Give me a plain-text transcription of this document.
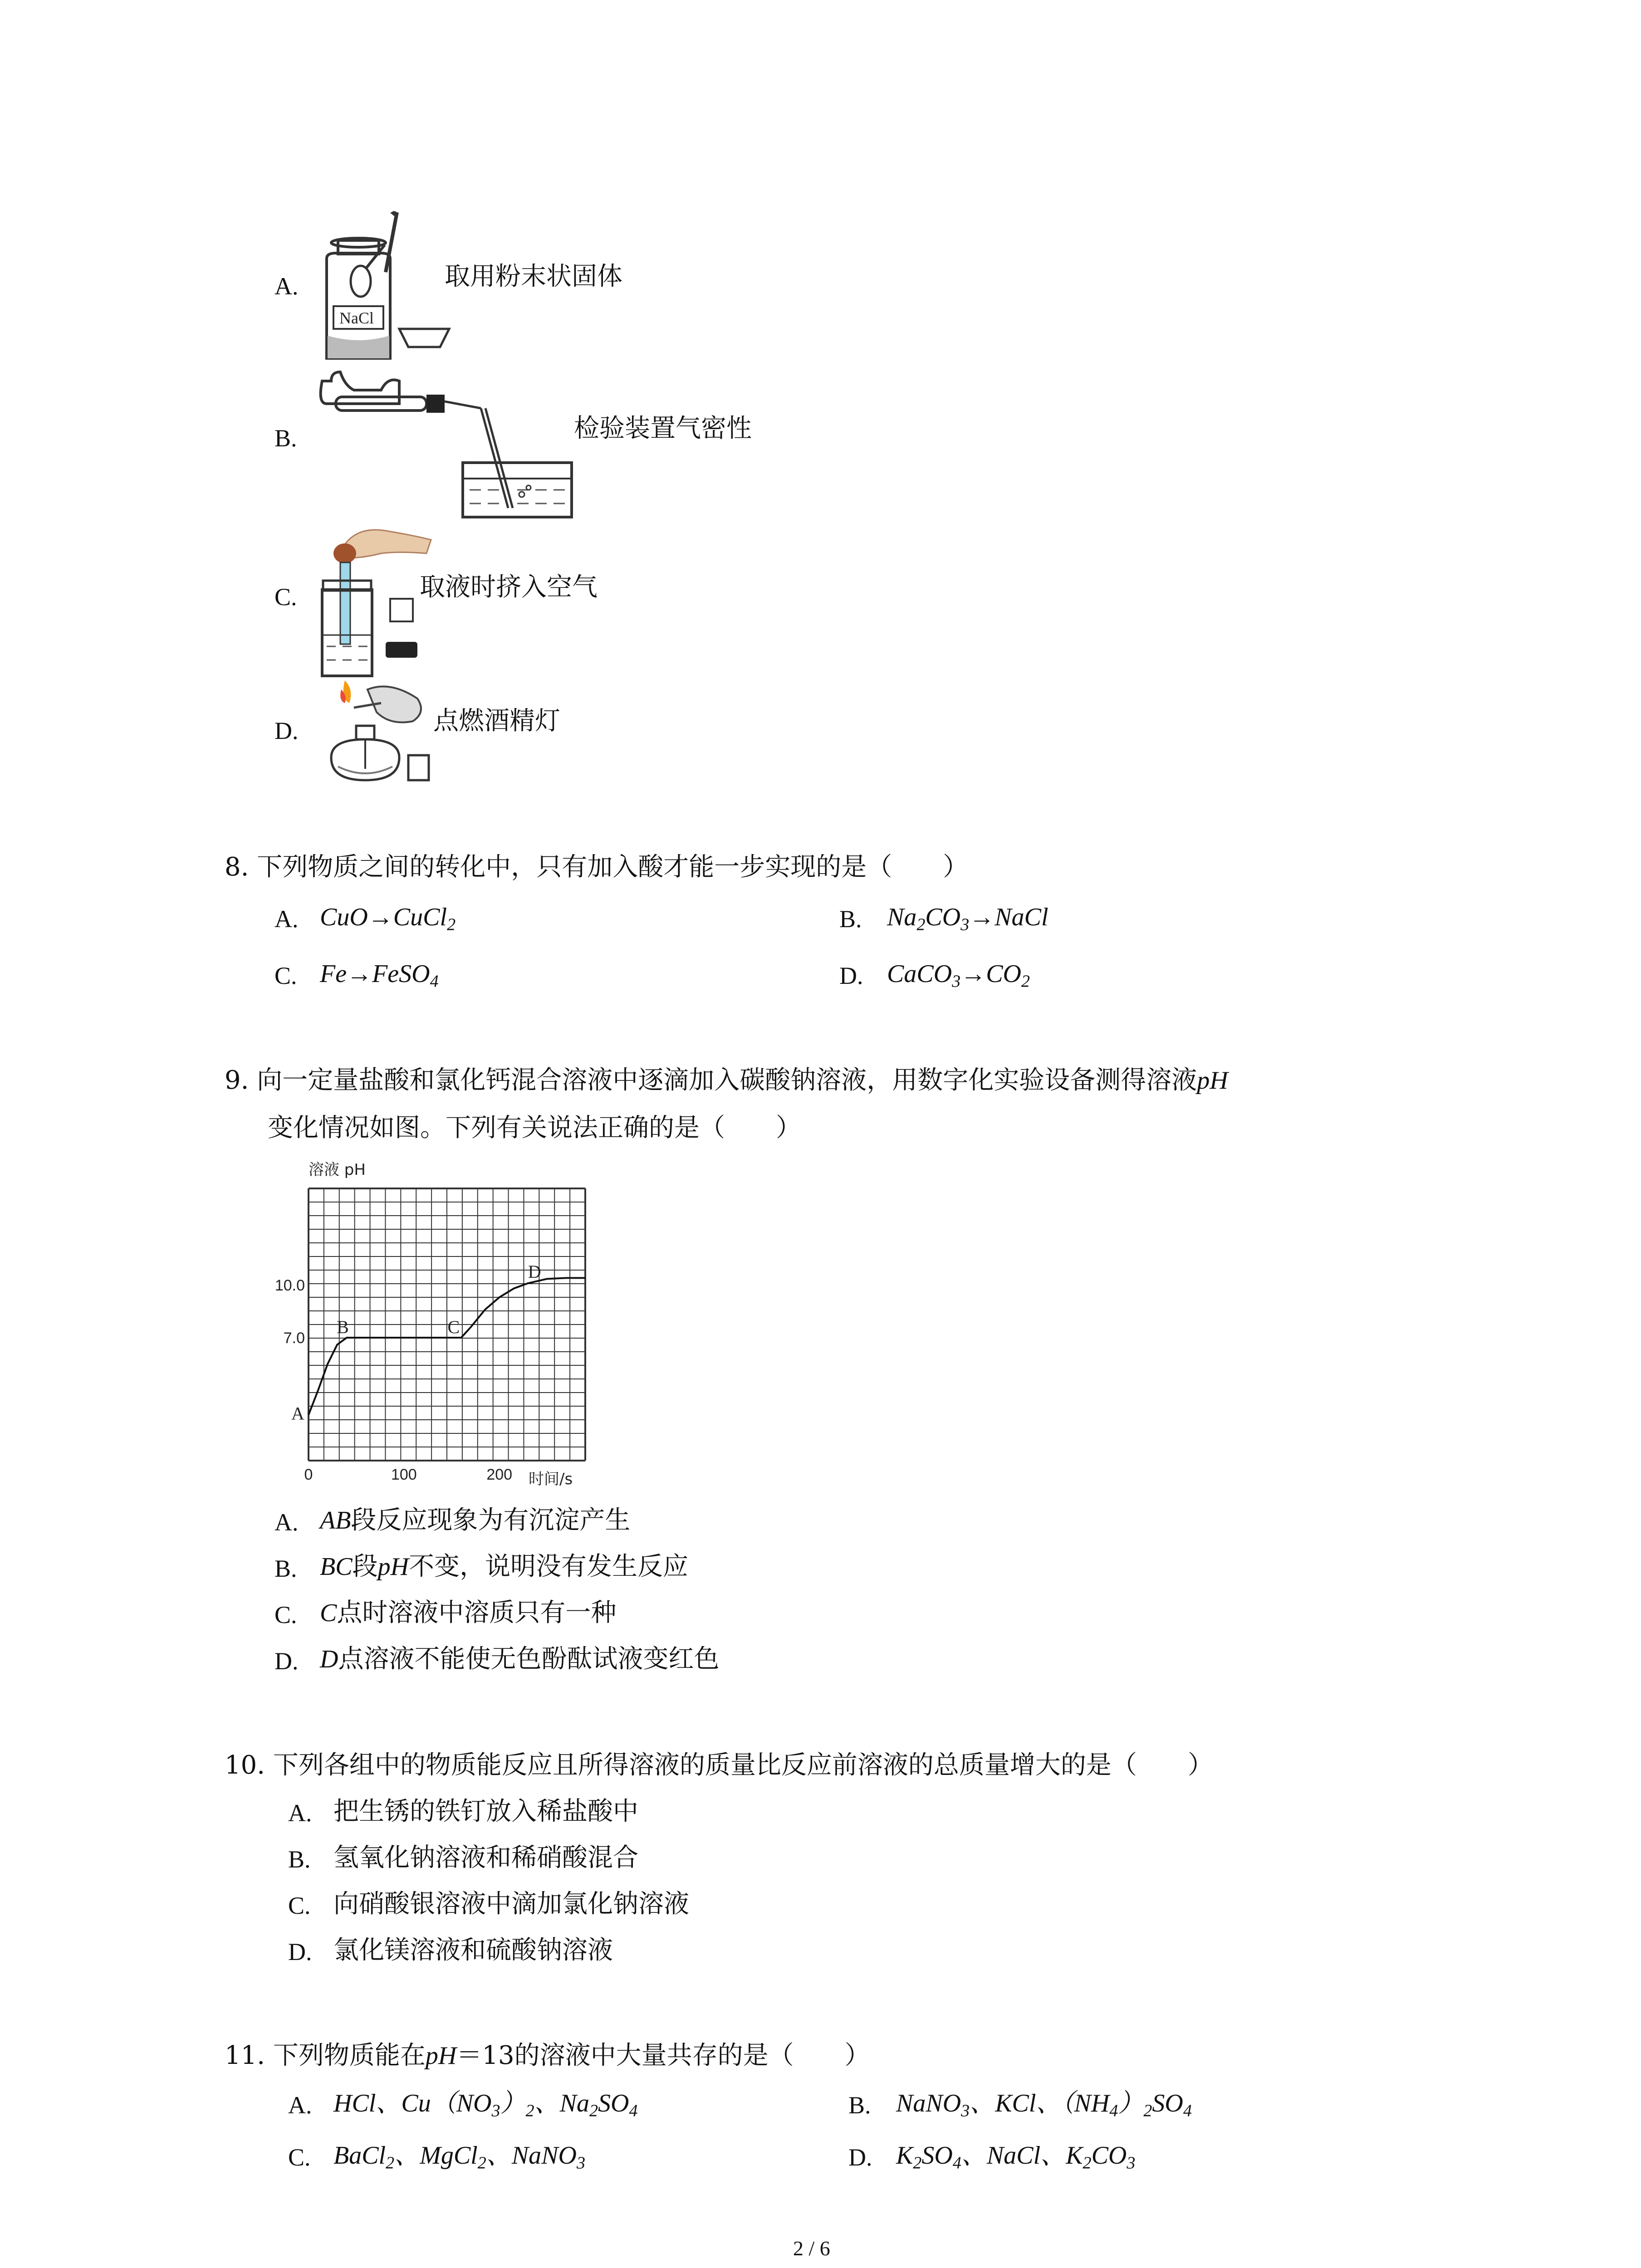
A.
NaCl
取用粉末状固体
B.	检验装置气密性
C.	取液时挤入空气
D.	点燃酒精灯
8. 下列物质之间的转化中，只有加入酸才能一步实现的是（　　）
A. CuO→CuCl$_2$	B. $Na_2CO_3\to NaCl$
C. Fe→FeSO$_4$	D. $CaCO_3\to CO_2$
9. 向一定量盐酸和氯化钙混合溶液中逐滴加入碳酸钠溶液，用数字化实验设备测得溶液pH
变化情况如图。下列有关说法正确的是（　　）
溶液 pH
时间/s
0	100	200
7.0
10.0
A
B	C
D
A. AB段反应现象为有沉淀产生
B. BC段pH不变，说明没有发生反应
C. C点时溶液中溶质只有一种
D. D点溶液不能使无色酚酞试液变红色
10. 下列各组中的物质能反应且所得溶液的质量比反应前溶液的总质量增大的是（　　）
A. 把生锈的铁钉放入稀盐酸中
B. 氢氧化钠溶液和稀硝酸混合
C. 向硝酸银溶液中滴加氯化钠溶液
D. 氯化镁溶液和硫酸钠溶液
11. 下列物质能在pH＝13的溶液中大量共存的是（　　）
A. HCl、$Cu(NO_3)_2$、$Na_2SO_4$	B. NaNO$_3$、KCl、$(NH_4)_2SO_4$
C. BaCl$_2$、MgCl$_2$、NaNO$_3$	D. $K_2SO_4$、NaCl、$K_2CO_3$
2 / 6
